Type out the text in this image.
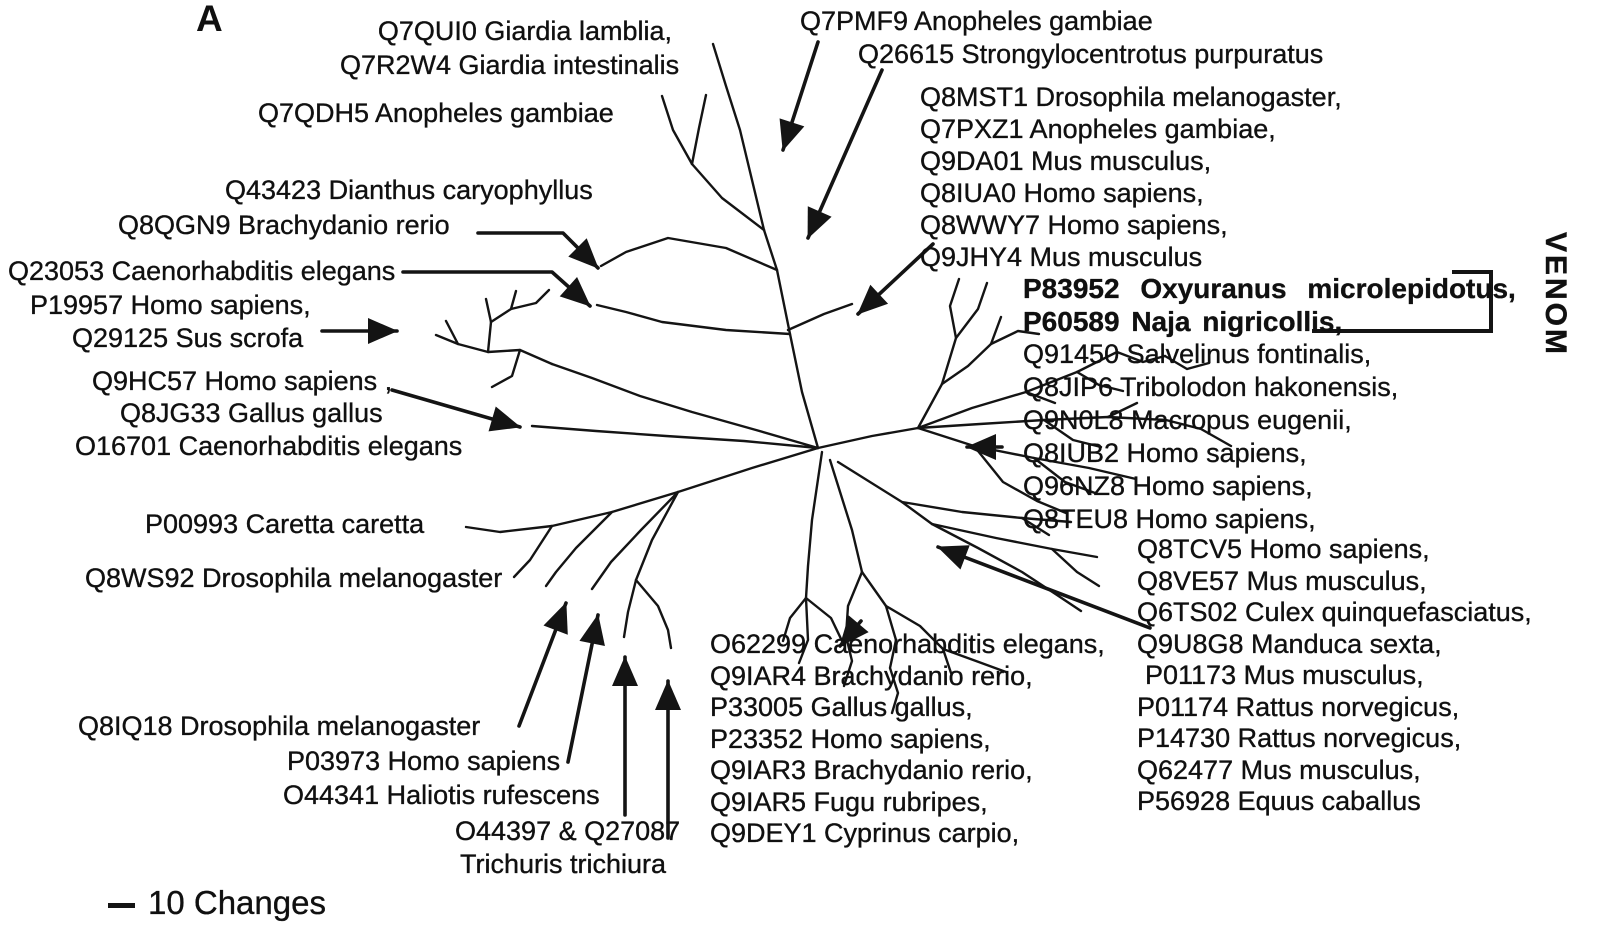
A	Q7QUI0 Giardia lamblia,
Q7R2W4 Giardia intestinalis
Q7QDH5 Anopheles gambiae
Q7PMF9 Anopheles gambiae
Q26615 Strongylocentrotus purpuratus
Q8MST1 Drosophila melanogaster,
Q7PXZ1 Anopheles gambiae,
Q9DA01 Mus musculus,
Q8IUA0 Homo sapiens,
Q8WWY7 Homo sapiens,
Q9JHY4 Mus musculus
P83952 Oxyuranus microlepidotus,
P60589 Naja nigricollis,
Q91450 Salvelinus fontinalis,
Q8JIP6 Tribolodon hakonensis,
Q9N0L8 Macropus eugenii,
Q8IUB2 Homo sapiens,
Q96NZ8 Homo sapiens,
Q8TEU8 Homo sapiens,
VENOM
Q43423 Dianthus caryophyllus
Q8QGN9 Brachydanio rerio
Q23053 Caenorhabditis elegans
P19957 Homo sapiens,
Q29125 Sus scrofa
Q9HC57 Homo sapiens ,
Q8JG33 Gallus gallus
O16701 Caenorhabditis elegans
P00993 Caretta caretta
Q8WS92 Drosophila melanogaster
Q8IQ18 Drosophila melanogaster
P03973 Homo sapiens
O44341 Haliotis rufescens
O44397 & Q27087
Trichuris trichiura
10 Changes
O62299 Caenorhabditis elegans,
Q9IAR4 Brachydanio rerio,
P33005 Gallus gallus,
P23352 Homo sapiens,
Q9IAR3 Brachydanio rerio,
Q9IAR5 Fugu rubripes,
Q9DEY1 Cyprinus carpio,
Q8TCV5 Homo sapiens,
Q8VE57 Mus musculus,
Q6TS02 Culex quinquefasciatus,
Q9U8G8 Manduca sexta,
P01173 Mus musculus,
P01174 Rattus norvegicus,
P14730 Rattus norvegicus,
Q62477 Mus musculus,
P56928 Equus caballus
